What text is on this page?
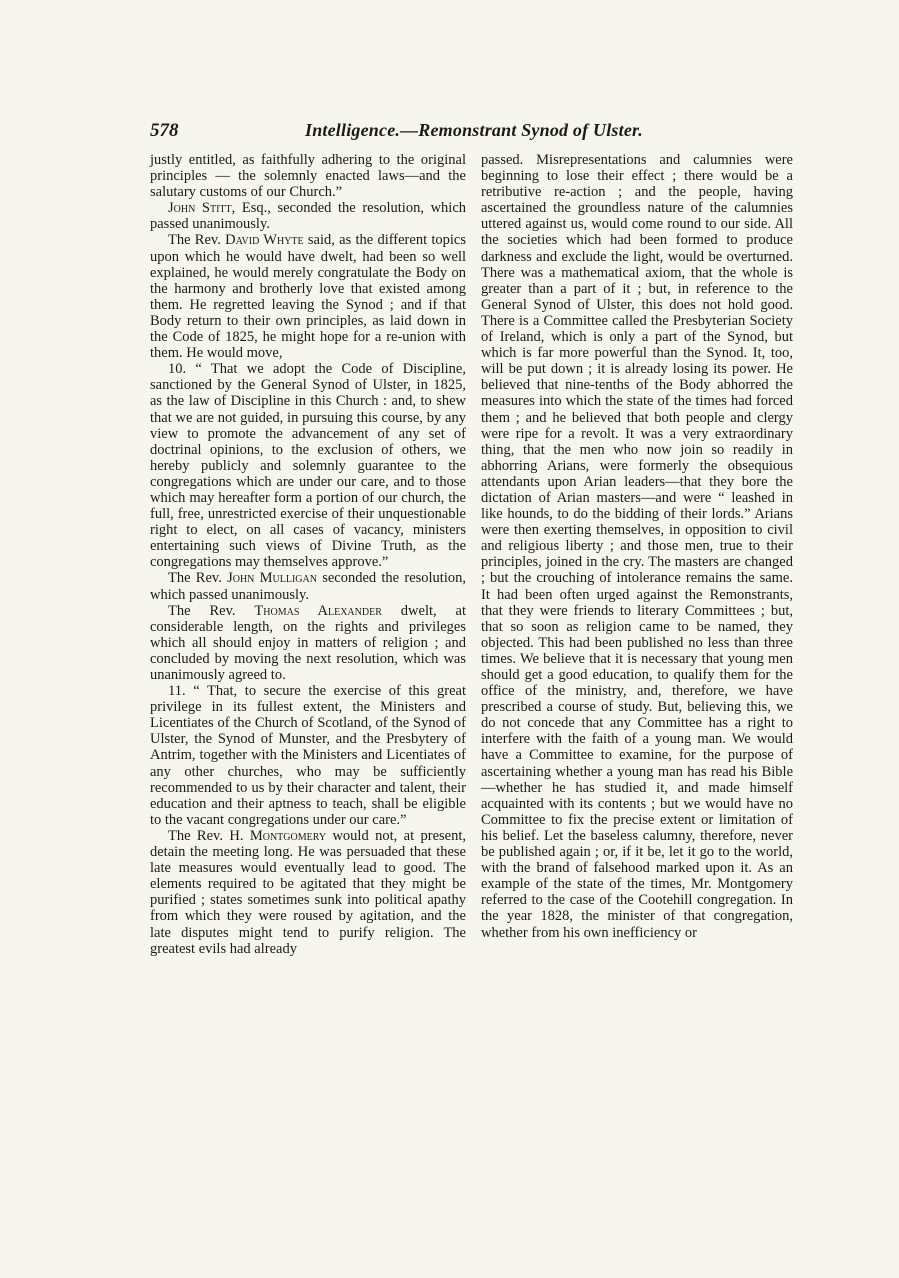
578	Intelligence.—Remonstrant Synod of Ulster.

justly entitled, as faithfully adhering to the original principles — the solemnly enacted laws—and the salutary customs of our Church.”

John Stitt, Esq., seconded the resolution, which passed unanimously.

The Rev. David Whyte said, as the different topics upon which he would have dwelt, had been so well explained, he would merely congratulate the Body on the harmony and brotherly love that existed among them. He regretted leaving the Synod ; and if that Body return to their own principles, as laid down in the Code of 1825, he might hope for a re-union with them. He would move,

10. “ That we adopt the Code of Discipline, sanctioned by the General Synod of Ulster, in 1825, as the law of Discipline in this Church : and, to shew that we are not guided, in pursuing this course, by any view to promote the advancement of any set of doctrinal opinions, to the exclusion of others, we hereby publicly and solemnly guarantee to the congregations which are under our care, and to those which may hereafter form a portion of our church, the full, free, unrestricted exercise of their unquestionable right to elect, on all cases of vacancy, ministers entertaining such views of Divine Truth, as the congregations may themselves approve.”

The Rev. John Mulligan seconded the resolution, which passed unanimously.

The Rev. Thomas Alexander dwelt, at considerable length, on the rights and privileges which all should enjoy in matters of religion ; and concluded by moving the next resolution, which was unanimously agreed to.

11. “ That, to secure the exercise of this great privilege in its fullest extent, the Ministers and Licentiates of the Church of Scotland, of the Synod of Ulster, the Synod of Munster, and the Presbytery of Antrim, together with the Ministers and Licentiates of any other churches, who may be sufficiently recommended to us by their character and talent, their education and their aptness to teach, shall be eligible to the vacant congregations under our care.”

The Rev. H. Montgomery would not, at present, detain the meeting long. He was persuaded that these late measures would eventually lead to good. The elements required to be agitated that they might be purified ; states sometimes sunk into political apathy from which they were roused by agitation, and the late disputes might tend to purify religion. The greatest evils had already

passed. Misrepresentations and calumnies were beginning to lose their effect ; there would be a retributive re-action ; and the people, having ascertained the groundless nature of the calumnies uttered against us, would come round to our side. All the societies which had been formed to produce darkness and exclude the light, would be overturned. There was a mathematical axiom, that the whole is greater than a part of it ; but, in reference to the General Synod of Ulster, this does not hold good. There is a Committee called the Presbyterian Society of Ireland, which is only a part of the Synod, but which is far more powerful than the Synod. It, too, will be put down ; it is already losing its power. He believed that nine-tenths of the Body abhorred the measures into which the state of the times had forced them ; and he believed that both people and clergy were ripe for a revolt. It was a very extraordinary thing, that the men who now join so readily in abhorring Arians, were formerly the obsequious attendants upon Arian leaders—that they bore the dictation of Arian masters—and were “ leashed in like hounds, to do the bidding of their lords.” Arians were then exerting themselves, in opposition to civil and religious liberty ; and those men, true to their principles, joined in the cry. The masters are changed ; but the crouching of intolerance remains the same. It had been often urged against the Remonstrants, that they were friends to literary Committees ; but, that so soon as religion came to be named, they objected. This had been published no less than three times. We believe that it is necessary that young men should get a good education, to qualify them for the office of the ministry, and, therefore, we have prescribed a course of study. But, believing this, we do not concede that any Committee has a right to interfere with the faith of a young man. We would have a Committee to examine, for the purpose of ascertaining whether a young man has read his Bible—whether he has studied it, and made himself acquainted with its contents ; but we would have no Committee to fix the precise extent or limitation of his belief. Let the baseless calumny, therefore, never be published again ; or, if it be, let it go to the world, with the brand of falsehood marked upon it. As an example of the state of the times, Mr. Montgomery referred to the case of the Cootehill congregation. In the year 1828, the minister of that congregation, whether from his own inefficiency or
